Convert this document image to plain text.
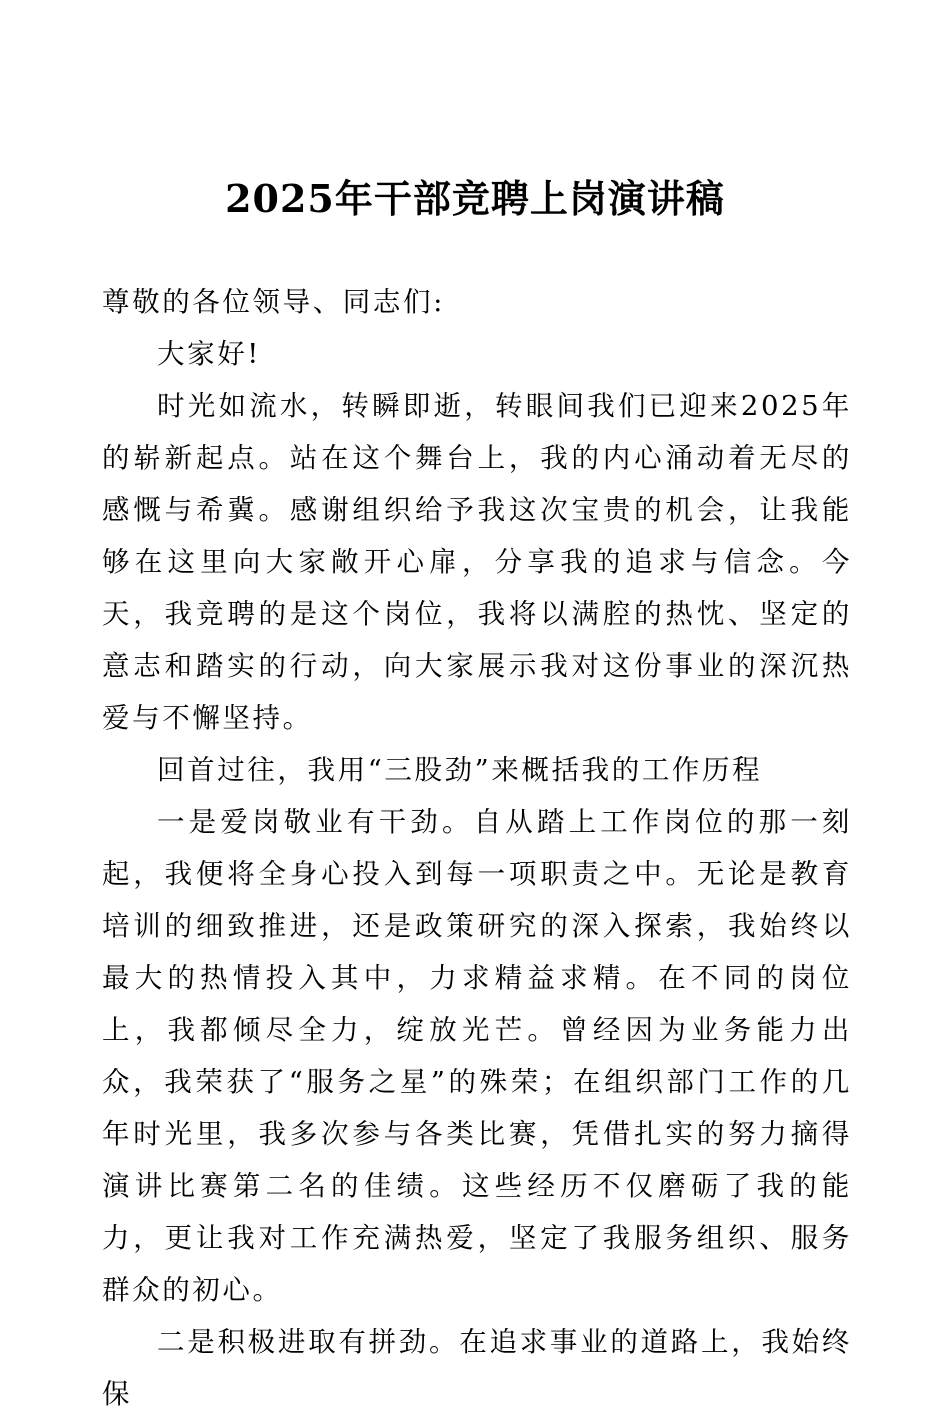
2025年干部竞聘上岗演讲稿

尊敬的各位领导、同志们:

大家好!

时光如流水，转瞬即逝，转眼间我们已迎来2025年的崭新起点。站在这个舞台上，我的内心涌动着无尽的感慨与希冀。感谢组织给予我这次宝贵的机会，让我能够在这里向大家敞开心扉，分享我的追求与信念。今天，我竞聘的是这个岗位，我将以满腔的热忱、坚定的意志和踏实的行动，向大家展示我对这份事业的深沉热爱与不懈坚持。

回首过往，我用“三股劲”来概括我的工作历程

一是爱岗敬业有干劲。自从踏上工作岗位的那一刻起，我便将全身心投入到每一项职责之中。无论是教育培训的细致推进，还是政策研究的深入探索，我始终以最大的热情投入其中，力求精益求精。在不同的岗位上，我都倾尽全力，绽放光芒。曾经因为业务能力出众，我荣获了“服务之星”的殊荣；在组织部门工作的几年时光里，我多次参与各类比赛，凭借扎实的努力摘得演讲比赛第二名的佳绩。这些经历不仅磨砺了我的能力，更让我对工作充满热爱，坚定了我服务组织、服务群众的初心。

二是积极进取有拼劲。在追求事业的道路上，我始终保
